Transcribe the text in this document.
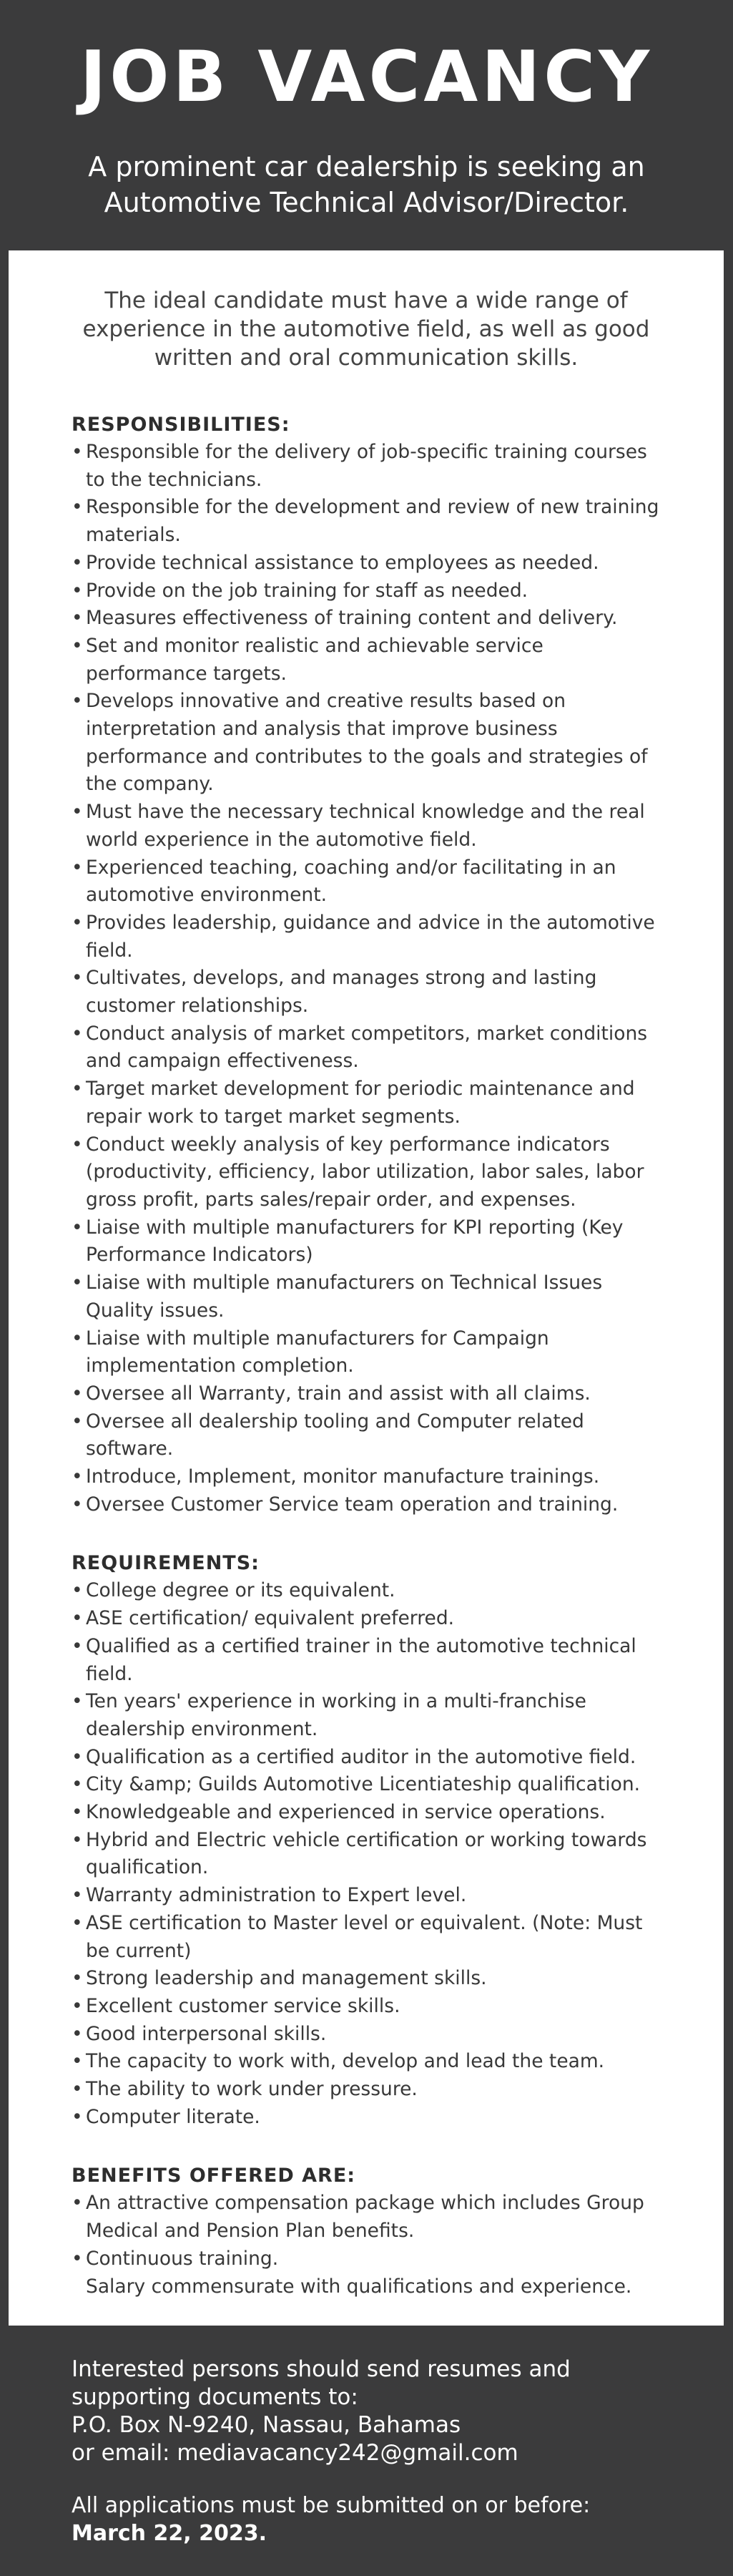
JOB VACANCY
A prominent car dealership is seeking an
Automotive Technical Advisor/Director.
The ideal candidate must have a wide range of
experience in the automotive field, as well as good
written and oral communication skills.
RESPONSIBILITIES:
• Responsible for the delivery of job-specific training courses to the technicians.
• Responsible for the development and review of new training materials.
• Provide technical assistance to employees as needed.
• Provide on the job training for staff as needed.
• Measures effectiveness of training content and delivery.
• Set and monitor realistic and achievable service performance targets.
• Develops innovative and creative results based on interpretation and analysis that improve business performance and contributes to the goals and strategies of the company.
• Must have the necessary technical knowledge and the real world experience in the automotive field.
• Experienced teaching, coaching and/or facilitating in an automotive environment.
• Provides leadership, guidance and advice in the automotive field.
• Cultivates, develops, and manages strong and lasting customer relationships.
• Conduct analysis of market competitors, market conditions and campaign effectiveness.
• Target market development for periodic maintenance and repair work to target market segments.
• Conduct weekly analysis of key performance indicators (productivity, efficiency, labor utilization, labor sales, labor gross profit, parts sales/repair order, and expenses.
• Liaise with multiple manufacturers for KPI reporting (Key Performance Indicators)
• Liaise with multiple manufacturers on Technical Issues Quality issues.
• Liaise with multiple manufacturers for Campaign implementation completion.
• Oversee all Warranty, train and assist with all claims.
• Oversee all dealership tooling and Computer related software.
• Introduce, Implement, monitor manufacture trainings.
• Oversee Customer Service team operation and training.
REQUIREMENTS:
• College degree or its equivalent.
• ASE certification/ equivalent preferred.
• Qualified as a certified trainer in the automotive technical field.
• Ten years' experience in working in a multi-franchise dealership environment.
• Qualification as a certified auditor in the automotive field.
• City &amp; Guilds Automotive Licentiateship qualification.
• Knowledgeable and experienced in service operations.
• Hybrid and Electric vehicle certification or working towards qualification.
• Warranty administration to Expert level.
• ASE certification to Master level or equivalent. (Note: Must be current)
• Strong leadership and management skills.
• Excellent customer service skills.
• Good interpersonal skills.
• The capacity to work with, develop and lead the team.
• The ability to work under pressure.
• Computer literate.
BENEFITS OFFERED ARE:
• An attractive compensation package which includes Group Medical and Pension Plan benefits.
• Continuous training.
Salary commensurate with qualifications and experience.
Interested persons should send resumes and
supporting documents to:
P.O. Box N-9240, Nassau, Bahamas
or email: mediavacancy242@gmail.com
All applications must be submitted on or before:
March 22, 2023.
